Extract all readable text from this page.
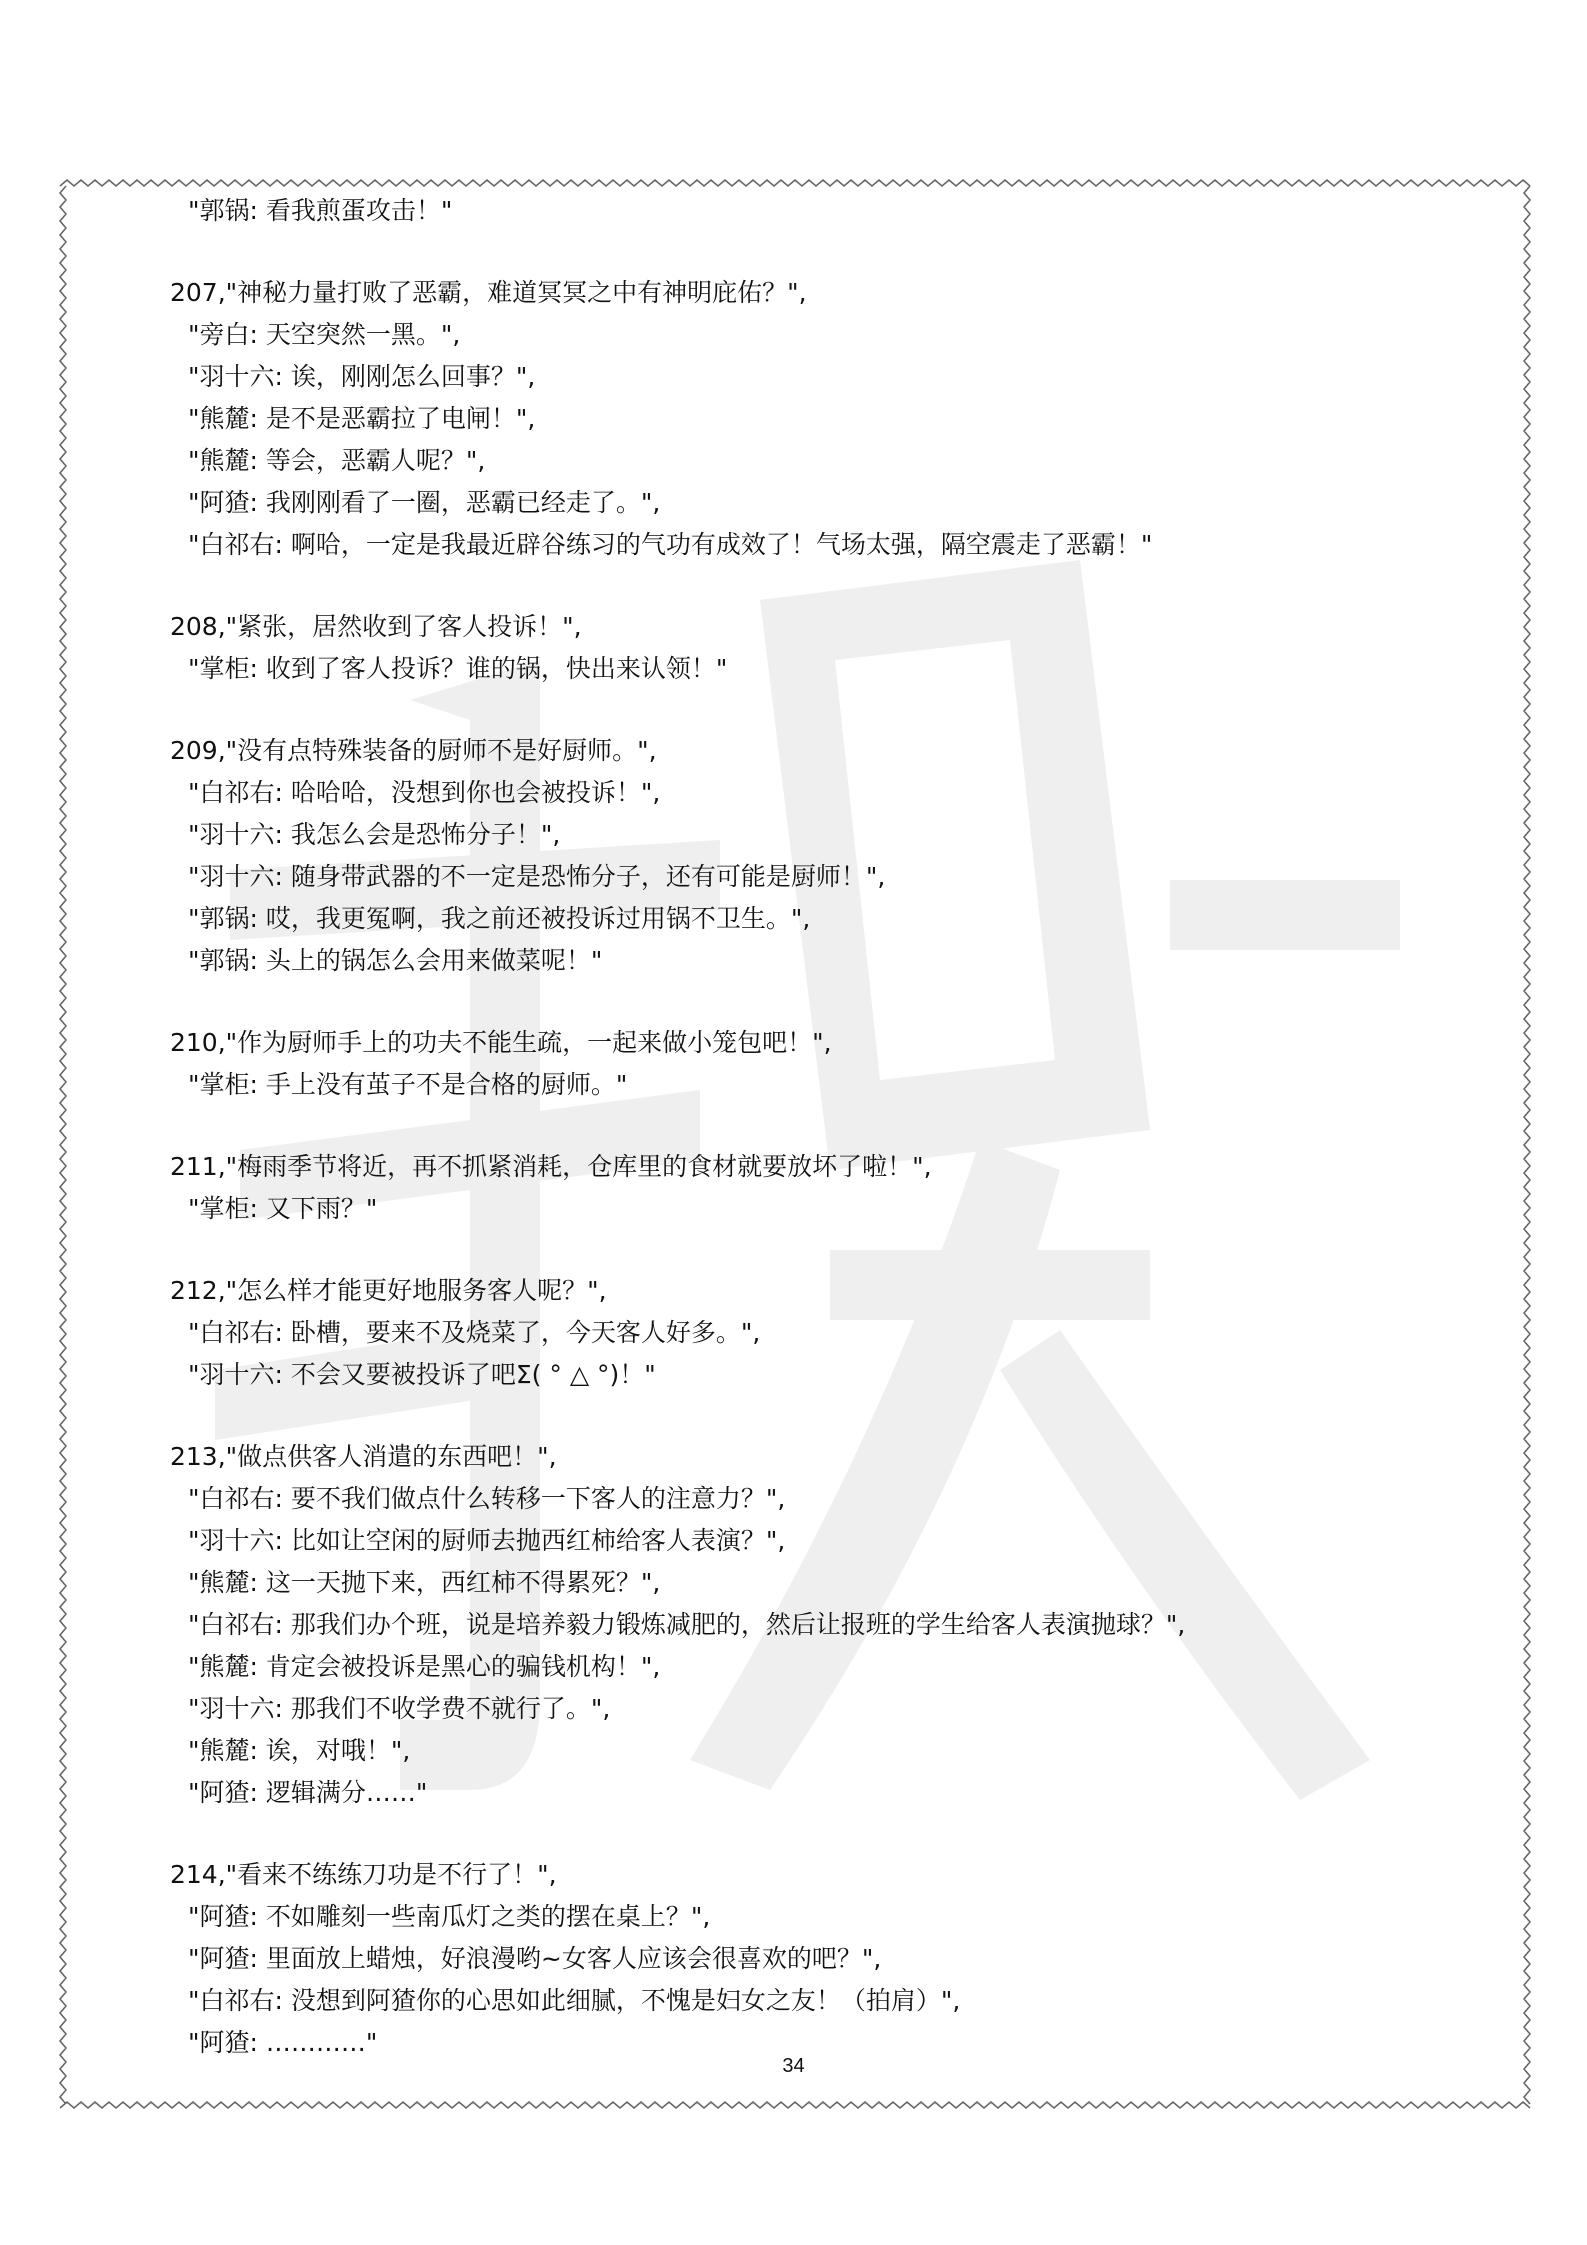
"郭锅: 看我煎蛋攻击！"
207,"神秘力量打败了恶霸，难道冥冥之中有神明庇佑？",
"旁白: 天空突然一黑。",
"羽十六: 诶，刚刚怎么回事？",
"熊麓: 是不是恶霸拉了电闸！",
"熊麓: 等会，恶霸人呢？",
"阿猹: 我刚刚看了一圈，恶霸已经走了。",
"白祁右: 啊哈，一定是我最近辟谷练习的气功有成效了！气场太强，隔空震走了恶霸！"
208,"紧张，居然收到了客人投诉！",
"掌柜: 收到了客人投诉？谁的锅，快出来认领！"
209,"没有点特殊装备的厨师不是好厨师。",
"白祁右: 哈哈哈，没想到你也会被投诉！",
"羽十六: 我怎么会是恐怖分子！",
"羽十六: 随身带武器的不一定是恐怖分子，还有可能是厨师！",
"郭锅: 哎，我更冤啊，我之前还被投诉过用锅不卫生。",
"郭锅: 头上的锅怎么会用来做菜呢！"
210,"作为厨师手上的功夫不能生疏，一起来做小笼包吧！",
"掌柜: 手上没有茧子不是合格的厨师。"
211,"梅雨季节将近，再不抓紧消耗，仓库里的食材就要放坏了啦！",
"掌柜: 又下雨？"
212,"怎么样才能更好地服务客人呢？",
"白祁右: 卧槽，要来不及烧菜了，今天客人好多。",
"羽十六: 不会又要被投诉了吧Σ( ° △ °)！"
213,"做点供客人消遣的东西吧！",
"白祁右: 要不我们做点什么转移一下客人的注意力？",
"羽十六: 比如让空闲的厨师去抛西红柿给客人表演？",
"熊麓: 这一天抛下来，西红柿不得累死？",
"白祁右: 那我们办个班，说是培养毅力锻炼减肥的，然后让报班的学生给客人表演抛球？",
"熊麓: 肯定会被投诉是黑心的骗钱机构！",
"羽十六: 那我们不收学费不就行了。",
"熊麓: 诶，对哦！",
"阿猹: 逻辑满分……"
214,"看来不练练刀功是不行了！",
"阿猹: 不如雕刻一些南瓜灯之类的摆在桌上？",
"阿猹: 里面放上蜡烛，好浪漫哟~女客人应该会很喜欢的吧？",
"白祁右: 没想到阿猹你的心思如此细腻，不愧是妇女之友！（拍肩）",
"阿猹: …………"
34
